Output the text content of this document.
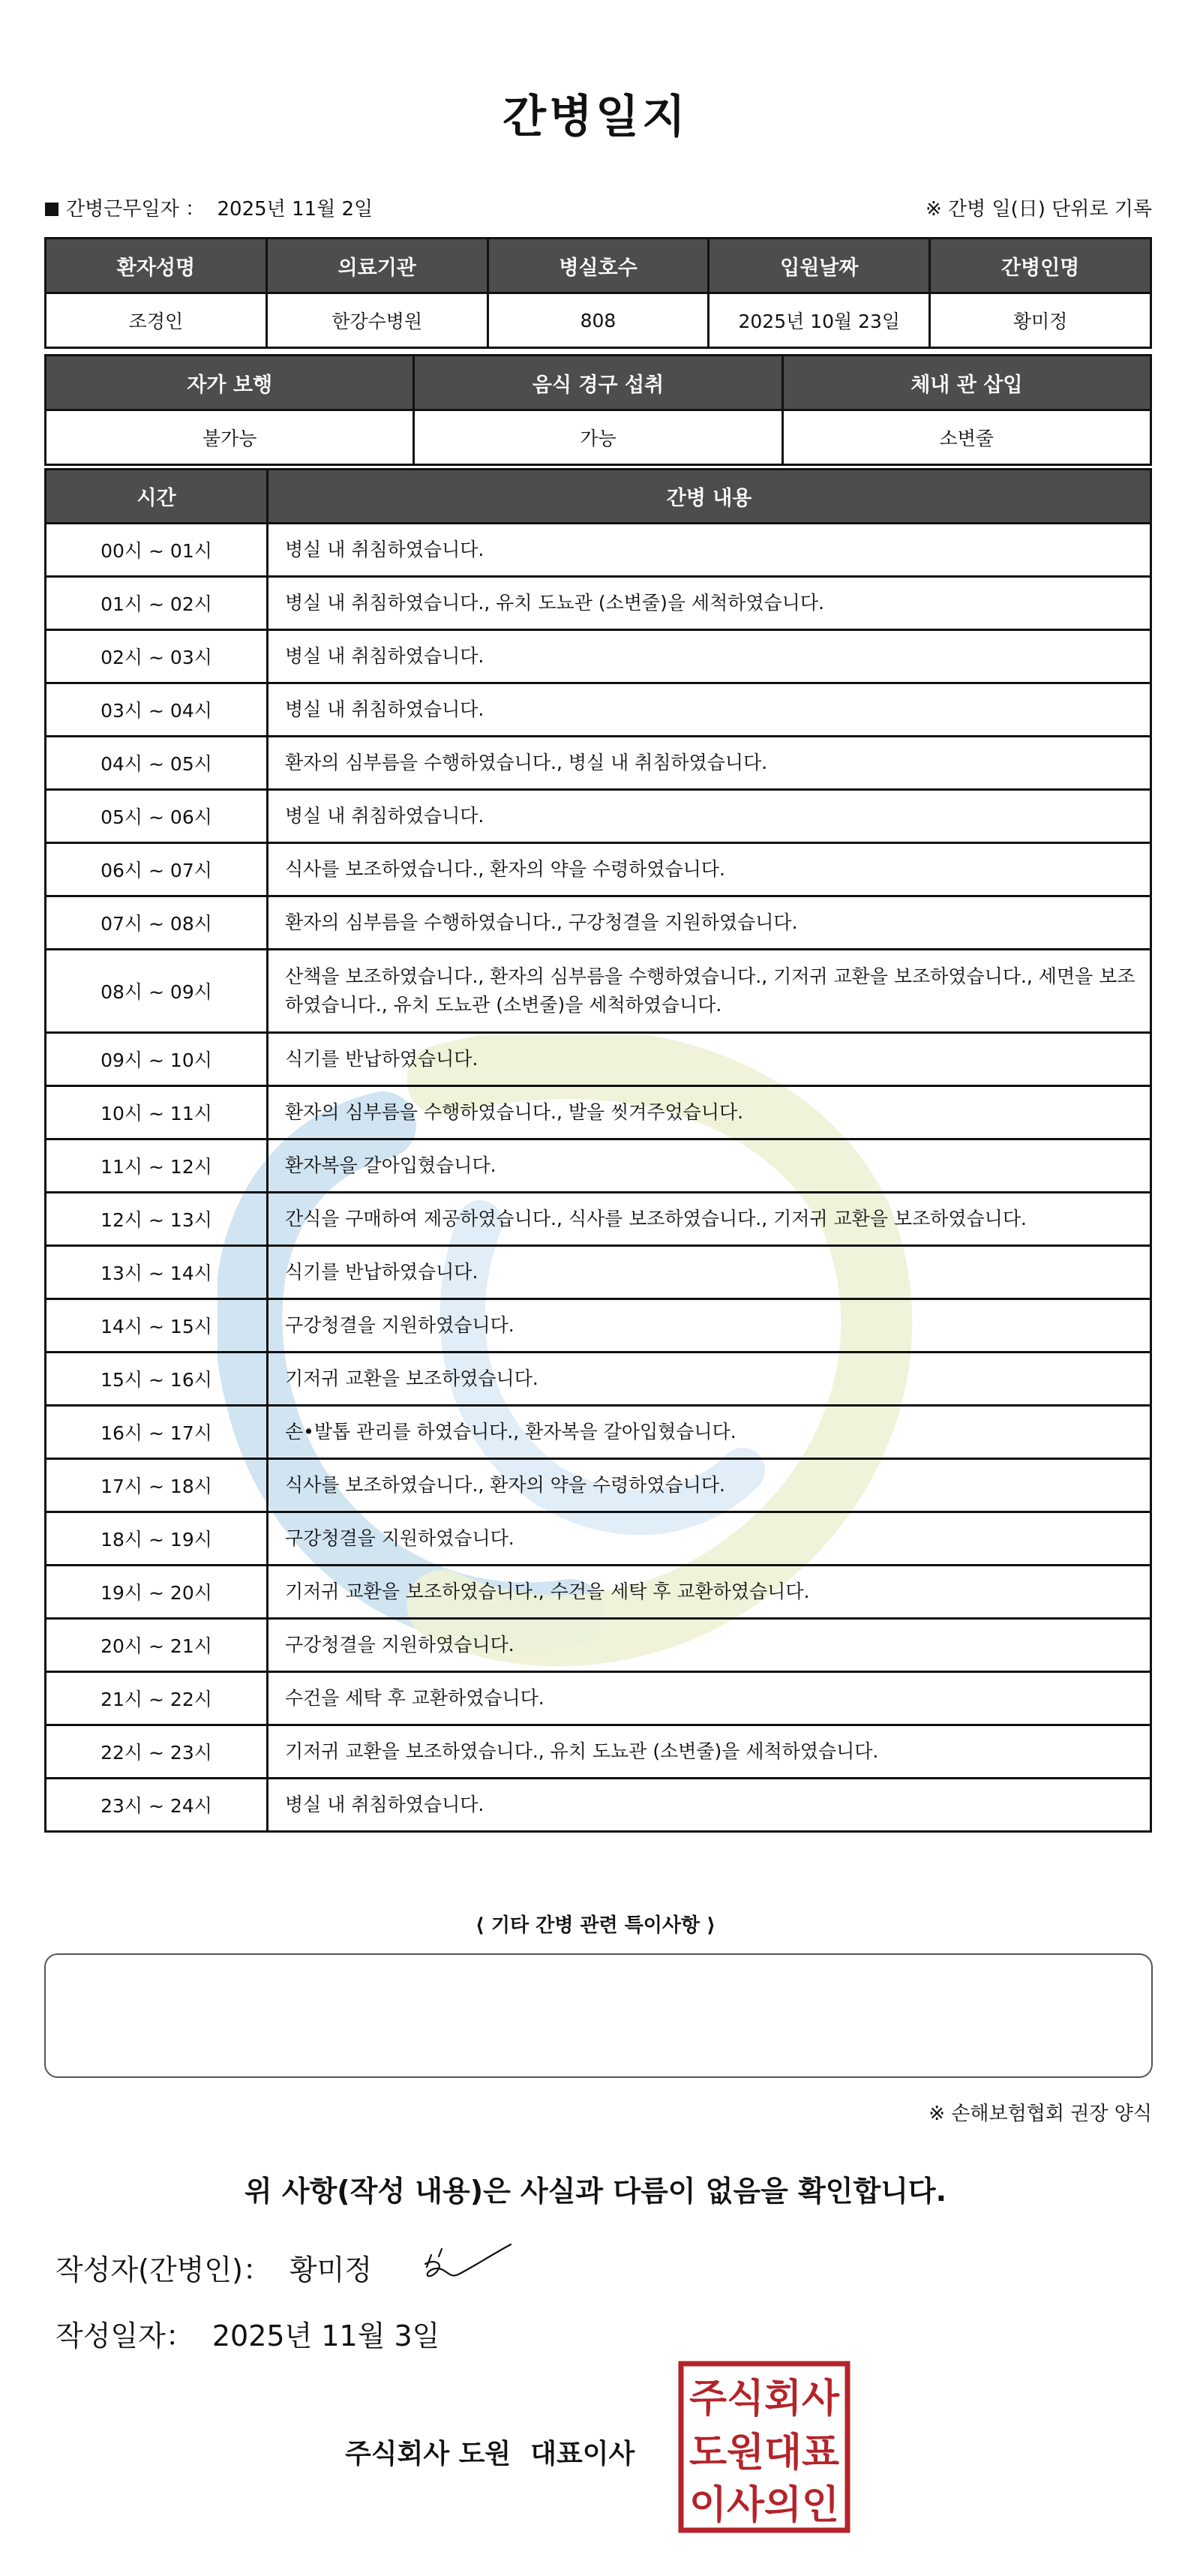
간병일지
간병근무일자 ： 2025년 11월 2일	※ 간병 일(日) 단위로 기록
환자성명	의료기관	병실호수	입원날짜	간병인명
조경인	한강수병원	808	2025년 10월 23일	황미정
자가 보행	음식 경구 섭취	체내 관 삽입
불가능	가능	소변줄
시간	간병 내용
00시 ~ 01시	병실 내 취침하였습니다.
01시 ~ 02시	병실 내 취침하였습니다., 유치 도뇨관 (소변줄)을 세척하였습니다.
02시 ~ 03시	병실 내 취침하였습니다.
03시 ~ 04시	병실 내 취침하였습니다.
04시 ~ 05시	환자의 심부름을 수행하였습니다., 병실 내 취침하였습니다.
05시 ~ 06시	병실 내 취침하였습니다.
06시 ~ 07시	식사를 보조하였습니다., 환자의 약을 수령하였습니다.
07시 ~ 08시	환자의 심부름을 수행하였습니다., 구강청결을 지원하였습니다.
08시 ~ 09시	산책을 보조하였습니다., 환자의 심부름을 수행하였습니다., 기저귀 교환을 보조하였습니다., 세면을 보조하였습니다., 유치 도뇨관 (소변줄)을 세척하였습니다.
09시 ~ 10시	식기를 반납하였습니다.
10시 ~ 11시	환자의 심부름을 수행하였습니다., 발을 씻겨주었습니다.
11시 ~ 12시	환자복을 갈아입혔습니다.
12시 ~ 13시	간식을 구매하여 제공하였습니다., 식사를 보조하였습니다., 기저귀 교환을 보조하였습니다.
13시 ~ 14시	식기를 반납하였습니다.
14시 ~ 15시	구강청결을 지원하였습니다.
15시 ~ 16시	기저귀 교환을 보조하였습니다.
16시 ~ 17시	손•발톱 관리를 하였습니다., 환자복을 갈아입혔습니다.
17시 ~ 18시	식사를 보조하였습니다., 환자의 약을 수령하였습니다.
18시 ~ 19시	구강청결을 지원하였습니다.
19시 ~ 20시	기저귀 교환을 보조하였습니다., 수건을 세탁 후 교환하였습니다.
20시 ~ 21시	구강청결을 지원하였습니다.
21시 ~ 22시	수건을 세탁 후 교환하였습니다.
22시 ~ 23시	기저귀 교환을 보조하였습니다., 유치 도뇨관 (소변줄)을 세척하였습니다.
23시 ~ 24시	병실 내 취침하였습니다.
⟨ 기타 간병 관련 특이사항 ⟩
※ 손해보험협회 권장 양식
위 사항(작성 내용)은 사실과 다름이 없음을 확인합니다.
작성자(간병인)： 황미정
작성일자： 2025년 11월 3일
주식회사 도원 대표이사
주식회사
도원대표
이사의인
